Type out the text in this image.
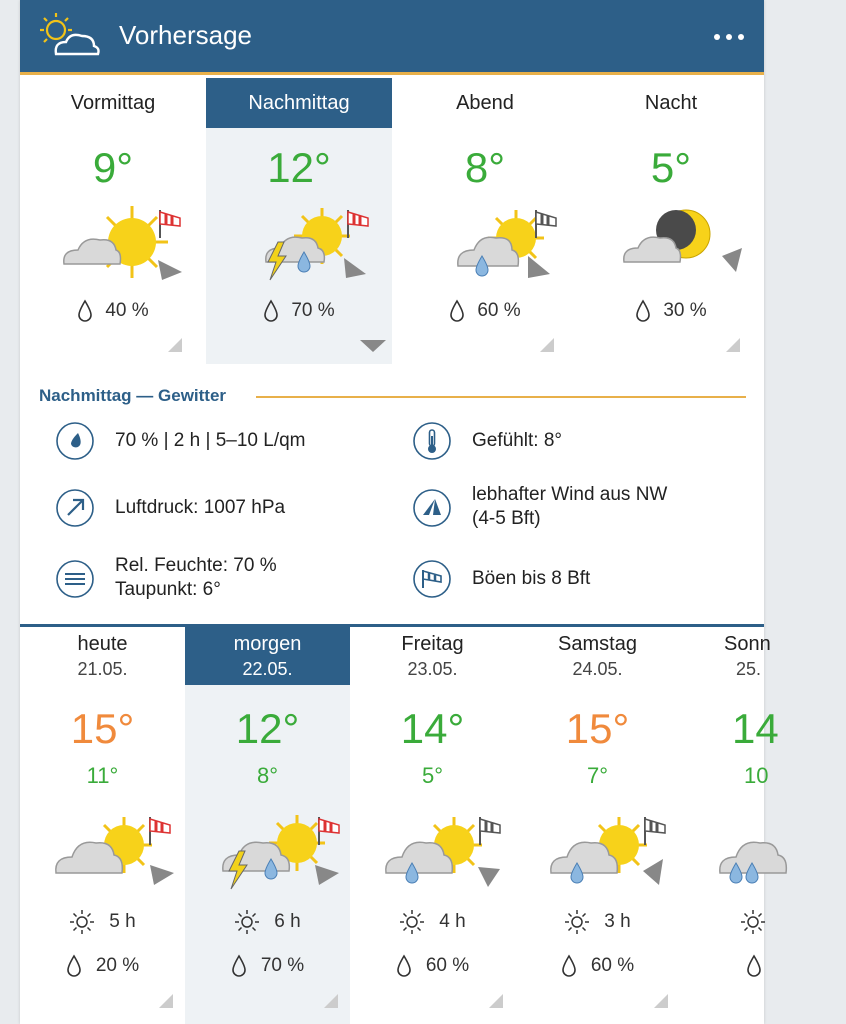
Vorhersage
Vormittag
9°
40 %
Nachmittag
12°
70 %
Abend
8°
60 %
Nacht
5°
30 %
Nachmittag — Gewitter
70 % | 2 h | 5–10 L/qm	Gefühlt: 8°
Luftdruck: 1007 hPa
lebhafter Wind aus NW
(4-5 Bft)
Rel. Feuchte: 70 %
Taupunkt: 6°
Böen bis 8 Bft
heute
21.05.
15°
11°
5 h
20 %
morgen
22.05.
12°
8°
6 h
70 %
Freitag
23.05.
14°
5°
4 h
60 %
Samstag
24.05.
15°
7°
3 h
60 %
Sonn
25.
14
10
